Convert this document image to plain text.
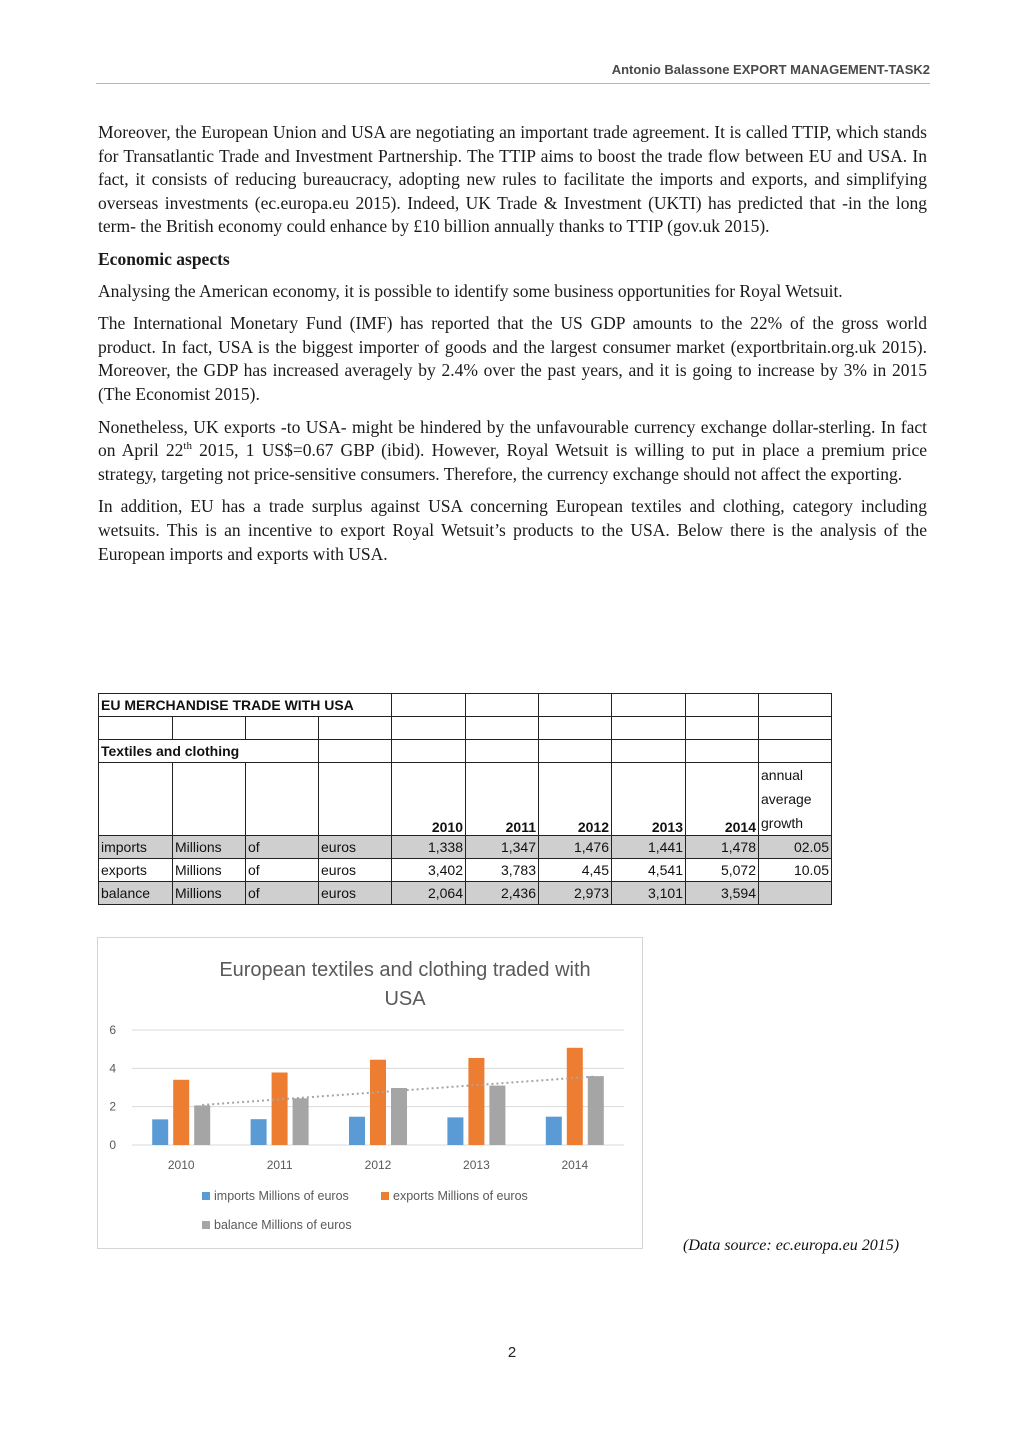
Antonio Balassone EXPORT MANAGEMENT-TASK2

Moreover, the European Union and USA are negotiating an important trade agreement. It is called TTIP, which stands for Transatlantic Trade and Investment Partnership. The TTIP aims to boost the trade flow between EU and USA. In fact, it consists of reducing bureaucracy, adopting new rules to facilitate the imports and exports, and simplifying overseas investments (ec.europa.eu 2015). Indeed, UK Trade & Investment (UKTI) has predicted that -in the long term- the British economy could enhance by £10 billion annually thanks to TTIP (gov.uk 2015).

Economic aspects

Analysing the American economy, it is possible to identify some business opportunities for Royal Wetsuit.

The International Monetary Fund (IMF) has reported that the US GDP amounts to the 22% of the gross world product. In fact, USA is the biggest importer of goods and the largest consumer market (exportbritain.org.uk 2015). Moreover, the GDP has increased averagely by 2.4% over the past years, and it is going to increase by 3% in 2015 (The Economist 2015).

Nonetheless, UK exports -to USA- might be hindered by the unfavourable currency exchange dollar-sterling. In fact on April 22th 2015, 1 US$=0.67 GBP (ibid). However, Royal Wetsuit is willing to put in place a premium price strategy, targeting not price-sensitive consumers. Therefore, the currency exchange should not affect the exporting.

In addition, EU has a trade surplus against USA concerning European textiles and clothing, category including wetsuits. This is an incentive to export Royal Wetsuit’s products to the USA. Below there is the analysis of the European imports and exports with USA.

EU MERCHANDISE TRADE WITH USA									

Textiles and clothing									
				2010	2011	2012	2013	2014	annual
average
growth

imports	Millions	of	euros	1,338	1,347	1,476	1,441	1,478	02.05
exports	Millions	of	euros	3,402	3,783	4,45	4,541	5,072	10.05
balance	Millions	of	euros	2,064	2,436	2,973	3,101	3,594	
European textiles and clothing traded with
USA
0
2
4
6
2010	2011	2012	2013	2014
imports Millions of euros	exports Millions of euros
balance Millions of euros
(Data source: ec.europa.eu 2015)
2
